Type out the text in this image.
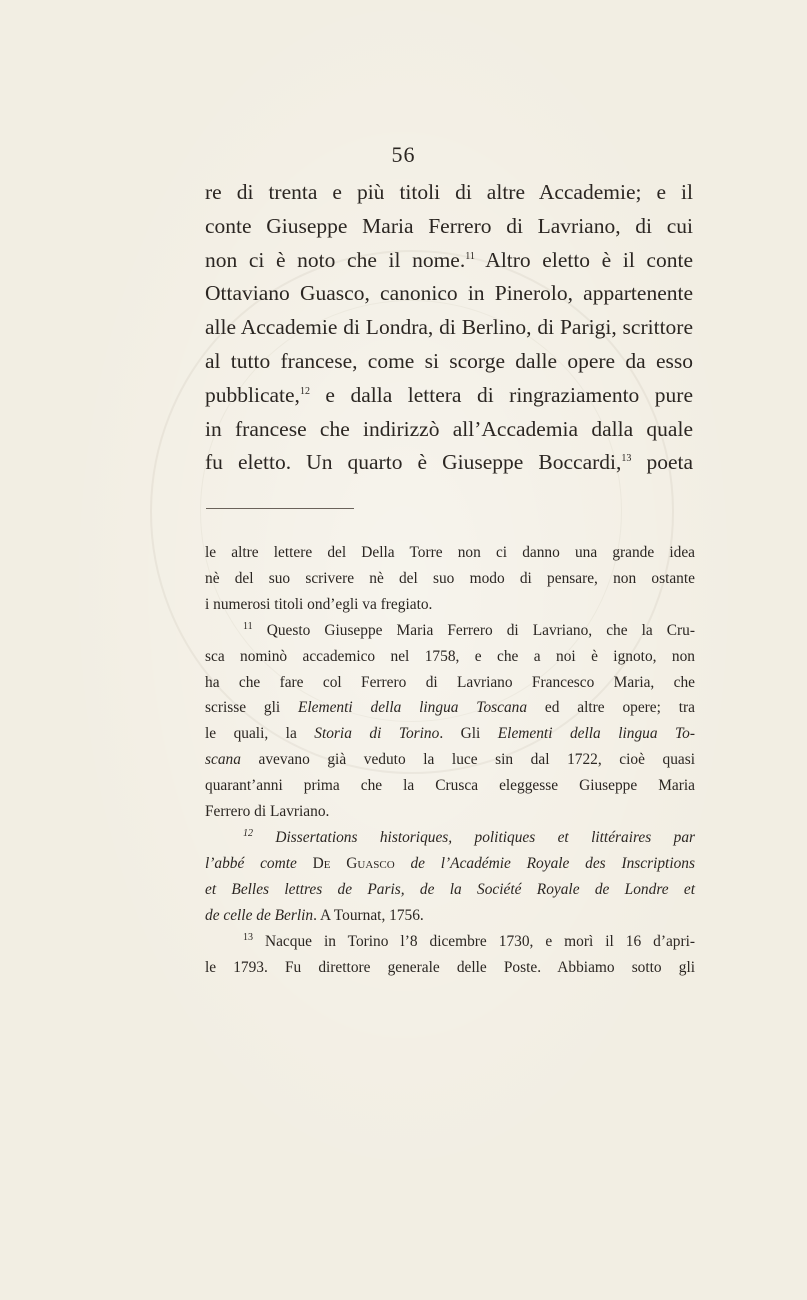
56
re di trenta e più titoli di altre Accademie; e il
conte Giuseppe Maria Ferrero di Lavriano, di cui
non ci è noto che il nome.$^{11}$ Altro eletto è il conte
Ottaviano Guasco, canonico in Pinerolo, appartenente
alle Accademie di Londra, di Berlino, di Parigi, scrittore
al tutto francese, come si scorge dalle opere da esso
pubblicate,$^{12}$ e dalla lettera di ringraziamento pure
in francese che indirizzò all’Accademia dalla quale
fu eletto. Un quarto è Giuseppe Boccardi,$^{13}$ poeta
le altre lettere del Della Torre non ci danno una grande idea
nè del suo scrivere nè del suo modo di pensare, non ostante
i numerosi titoli ond’egli va fregiato.
$^{11}$ Questo Giuseppe Maria Ferrero di Lavriano, che la Cru-
sca nominò accademico nel 1758, e che a noi è ignoto, non
ha che fare col Ferrero di Lavriano Francesco Maria, che
scrisse gli Elementi della lingua Toscana ed altre opere; tra
le quali, la Storia di Torino. Gli Elementi della lingua To-
scana avevano già veduto la luce sin dal 1722, cioè quasi
quarant’anni prima che la Crusca eleggesse Giuseppe Maria
Ferrero di Lavriano.
$^{12}$ Dissertations historiques, politiques et littéraires par
l’abbé comte De Guasco de l’Académie Royale des Inscriptions
et Belles lettres de Paris, de la Société Royale de Londre et
de celle de Berlin. A Tournat, 1756.
$^{13}$ Nacque in Torino l’8 dicembre 1730, e morì il 16 d’apri-
le 1793. Fu direttore generale delle Poste. Abbiamo sotto gli
